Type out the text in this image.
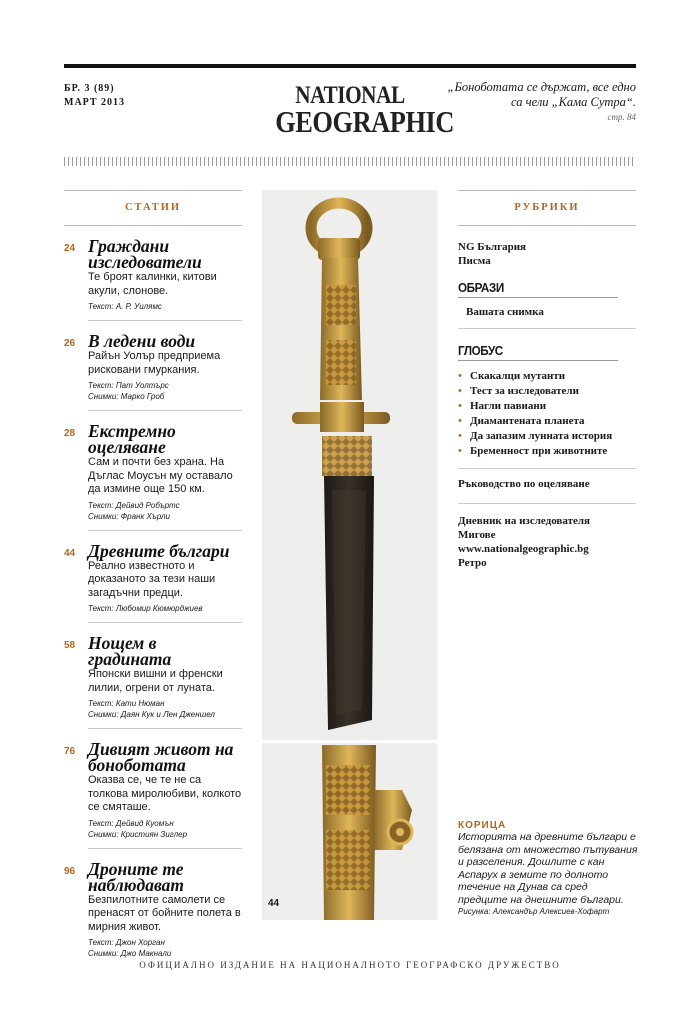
БР. 3 (89)
МАРТ 2013	NATIONAL
GEOGRAPHIC
„Боноботата се държат, все едно са чели „Кама Сутра“.
стр. 84
СТАТИИ
24 Граждани изследователи
Те броят калинки, китови акули, слонове.
Текст: А. Р. Уилямс
26 В ледени води
Райън Уолър предприема рисковани гмуркания.
Текст: Пат Уолтърс
Снимки: Марко Гроб
28 Екстремно оцеляване
Сам и почти без храна. На Дъглас Моусън му оставало да измине още 150 км.
Текст: Дейвид Робъртс
Снимки: Франк Хърли
44 Древните българи
Реално известното и доказаното за тези наши загадъчни предци.
Текст: Любомир Кюмюрджиев
58 Нощем в градината
Японски вишни и френски лилии, огрени от луната.
Текст: Кати Нюман
Снимки: Даян Кук и Лен Дженшел
76 Дивият живот на боноботата
Оказва се, че те не са толкова миролюбиви, колкото се смяташе.
Текст: Дейвид Куомън
Снимки: Кристиян Зиглер
96 Дроните те наблюдават
Безпилотните самолети се пренасят от бойните полета в мирния живот.
Текст: Джон Хорган
Снимки: Джо Макнали
44
РУБРИКИ
NG България
Писма
ОБРАЗИ
Вашата снимка
ГЛОБУС
• Скакалци мутанти
• Тест за изследователи
• Нагли павиани
• Диамантената планета
• Да запазим лунната история
• Бременност при животните
Ръководство по оцеляване
Дневник на изследователя
Мигове
www.nationalgeographic.bg
Ретро
КОРИЦА
Историята на древните българи е белязана от множество пътувания и разселения. Дошлите с кан Аспарух в земите по долното течение на Дунав са сред предците на днешните българи.
Рисунка: Александър Алексиев-Хофарт
ОФИЦИАЛНО ИЗДАНИЕ НА НАЦИОНАЛНОТО ГЕОГРАФСКО ДРУЖЕСТВО
